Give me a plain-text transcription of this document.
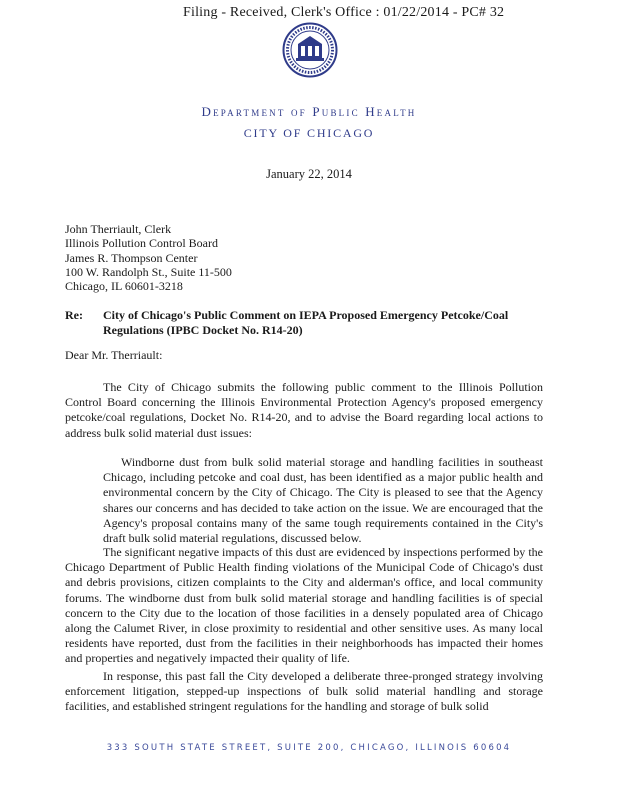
Filing - Received, Clerk's Office : 01/22/2014 - PC# 32
Department of Public Health
CITY OF CHICAGO
January 22, 2014
John Therriault, Clerk
Illinois Pollution Control Board
James R. Thompson Center
100 W. Randolph St., Suite 11-500
Chicago, IL 60601-3218
Re: City of Chicago's Public Comment on IEPA Proposed Emergency Petcoke/Coal Regulations (IPBC Docket No. R14-20)
Dear Mr. Therriault:
The City of Chicago submits the following public comment to the Illinois Pollution Control Board concerning the Illinois Environmental Protection Agency's proposed emergency petcoke/coal regulations, Docket No. R14-20, and to advise the Board regarding local actions to address bulk solid material dust issues:
Windborne dust from bulk solid material storage and handling facilities in southeast Chicago, including petcoke and coal dust, has been identified as a major public health and environmental concern by the City of Chicago. The City is pleased to see that the Agency shares our concerns and has decided to take action on the issue. We are encouraged that the Agency's proposal contains many of the same tough requirements contained in the City's draft bulk solid material regulations, discussed below.
The significant negative impacts of this dust are evidenced by inspections performed by the Chicago Department of Public Health finding violations of the Municipal Code of Chicago's dust and debris provisions, citizen complaints to the City and alderman's office, and local community forums. The windborne dust from bulk solid material storage and handling facilities is of special concern to the City due to the location of those facilities in a densely populated area of Chicago along the Calumet River, in close proximity to residential and other sensitive uses. As many local residents have reported, dust from the facilities in their neighborhoods has impacted their homes and properties and negatively impacted their quality of life.
In response, this past fall the City developed a deliberate three-pronged strategy involving enforcement litigation, stepped-up inspections of bulk solid material handling and storage facilities, and established stringent regulations for the handling and storage of bulk solid
333 SOUTH STATE STREET, SUITE 200, CHICAGO, ILLINOIS 60604
